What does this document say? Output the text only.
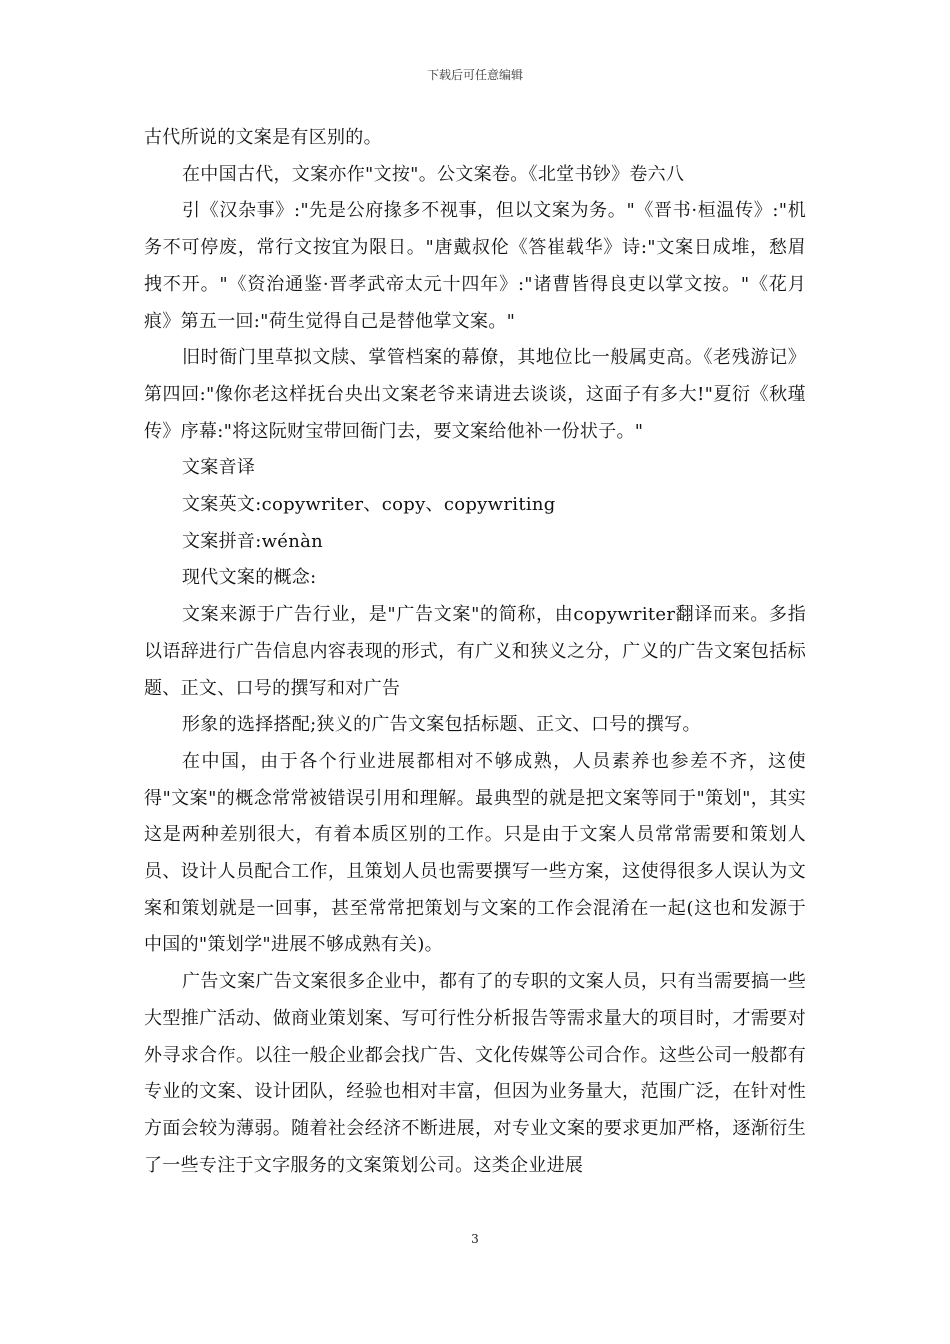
下载后可任意编辑

古代所说的文案是有区别的。

在中国古代，文案亦作"文按"。公文案卷。《北堂书钞》卷六八

引《汉杂事》:"先是公府掾多不视事，但以文案为务。"《晋书·桓温传》:"机务不可停废，常行文按宜为限日。"唐戴叔伦《答崔载华》诗:"文案日成堆，愁眉拽不开。"《资治通鉴·晋孝武帝太元十四年》:"诸曹皆得良吏以掌文按。"《花月痕》第五一回:"荷生觉得自己是替他掌文案。"

旧时衙门里草拟文牍、掌管档案的幕僚，其地位比一般属吏高。《老残游记》第四回:"像你老这样抚台央出文案老爷来请进去谈谈，这面子有多大!"夏衍《秋瑾传》序幕:"将这阮财宝带回衙门去，要文案给他补一份状子。"

文案音译

文案英文:copywriter、copy、copywriting

文案拼音:wénàn

现代文案的概念:

文案来源于广告行业，是"广告文案"的简称，由copywriter翻译而来。多指以语辞进行广告信息内容表现的形式，有广义和狭义之分，广义的广告文案包括标题、正文、口号的撰写和对广告

形象的选择搭配;狭义的广告文案包括标题、正文、口号的撰写。

在中国，由于各个行业进展都相对不够成熟，人员素养也参差不齐，这使得"文案"的概念常常被错误引用和理解。最典型的就是把文案等同于"策划"，其实这是两种差别很大，有着本质区别的工作。只是由于文案人员常常需要和策划人员、设计人员配合工作，且策划人员也需要撰写一些方案，这使得很多人误认为文案和策划就是一回事，甚至常常把策划与文案的工作会混淆在一起(这也和发源于中国的"策划学"进展不够成熟有关)。

广告文案广告文案很多企业中，都有了的专职的文案人员，只有当需要搞一些大型推广活动、做商业策划案、写可行性分析报告等需求量大的项目时，才需要对外寻求合作。以往一般企业都会找广告、文化传媒等公司合作。这些公司一般都有专业的文案、设计团队，经验也相对丰富，但因为业务量大，范围广泛，在针对性方面会较为薄弱。随着社会经济不断进展，对专业文案的要求更加严格，逐渐衍生了一些专注于文字服务的文案策划公司。这类企业进展

3
